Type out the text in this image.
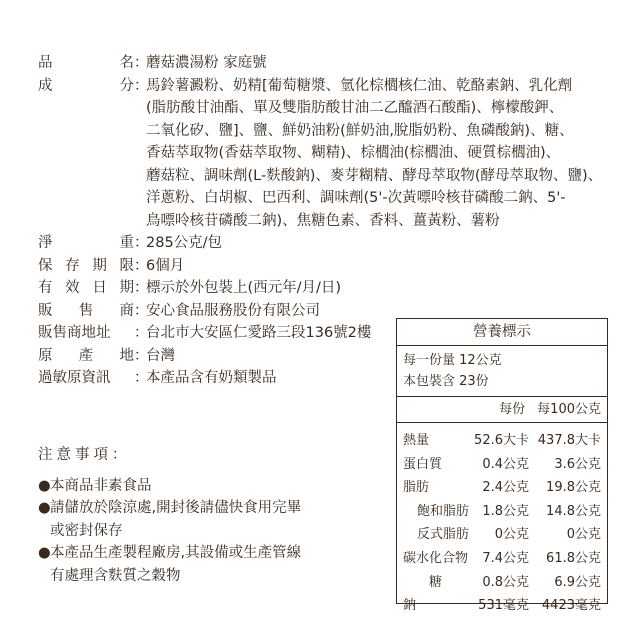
品	名 ：
蘑菇濃湯粉 家庭號
成	分 ：
馬鈴薯澱粉、奶精[葡萄糖漿、氫化棕櫚核仁油、乾酪素鈉、乳化劑
(脂肪酸甘油酯、單及雙脂肪酸甘油二乙醯酒石酸酯)、檸檬酸鉀、
二氧化矽、鹽]、鹽、鮮奶油粉(鮮奶油,脫脂奶粉、魚磷酸鈉)、糖、
香菇萃取物(香菇萃取物、糊精)、棕櫚油(棕櫚油、硬質棕櫚油)、
蘑菇粒、調味劑(L-麩酸鈉)、麥芽糊精、酵母萃取物(酵母萃取物、鹽)、
洋蔥粉、白胡椒、巴西利、調味劑(5'-次黃嘌呤核苷磷酸二鈉、5'-
鳥嘌呤核苷磷酸二鈉)、焦糖色素、香料、薑黃粉、薯粉
淨	重 ：
285公克/包
保 存 期 限 ：
6個月
有 效 日 期 ：
標示於外包裝上(西元年/月/日)
販 售 商 ：
安心食品服務股份有限公司
販售商地址 ：
台北市大安區仁愛路三段136號2樓
原 產 地 ：
台灣
過敏原資訊 ：
本產品含有奶類製品
注意事項：
●本商品非素食品
●請儲放於陰涼處,開封後請儘快食用完畢
或密封保存
●本產品生產製程廠房,其設備或生產管線
有處理含麩質之穀物
營養標示
每一份量 12公克
本包裝含 23份
每份 每100公克
熱量	52.6大卡 437.8大卡
蛋白質	0.4公克	3.6公克
脂肪	2.4公克	19.8公克
飽和脂肪	1.8公克	14.8公克
反式脂肪	0公克	0公克
碳水化合物	7.4公克	61.8公克
糖	0.8公克	6.9公克
鈉	531毫克 4423毫克
